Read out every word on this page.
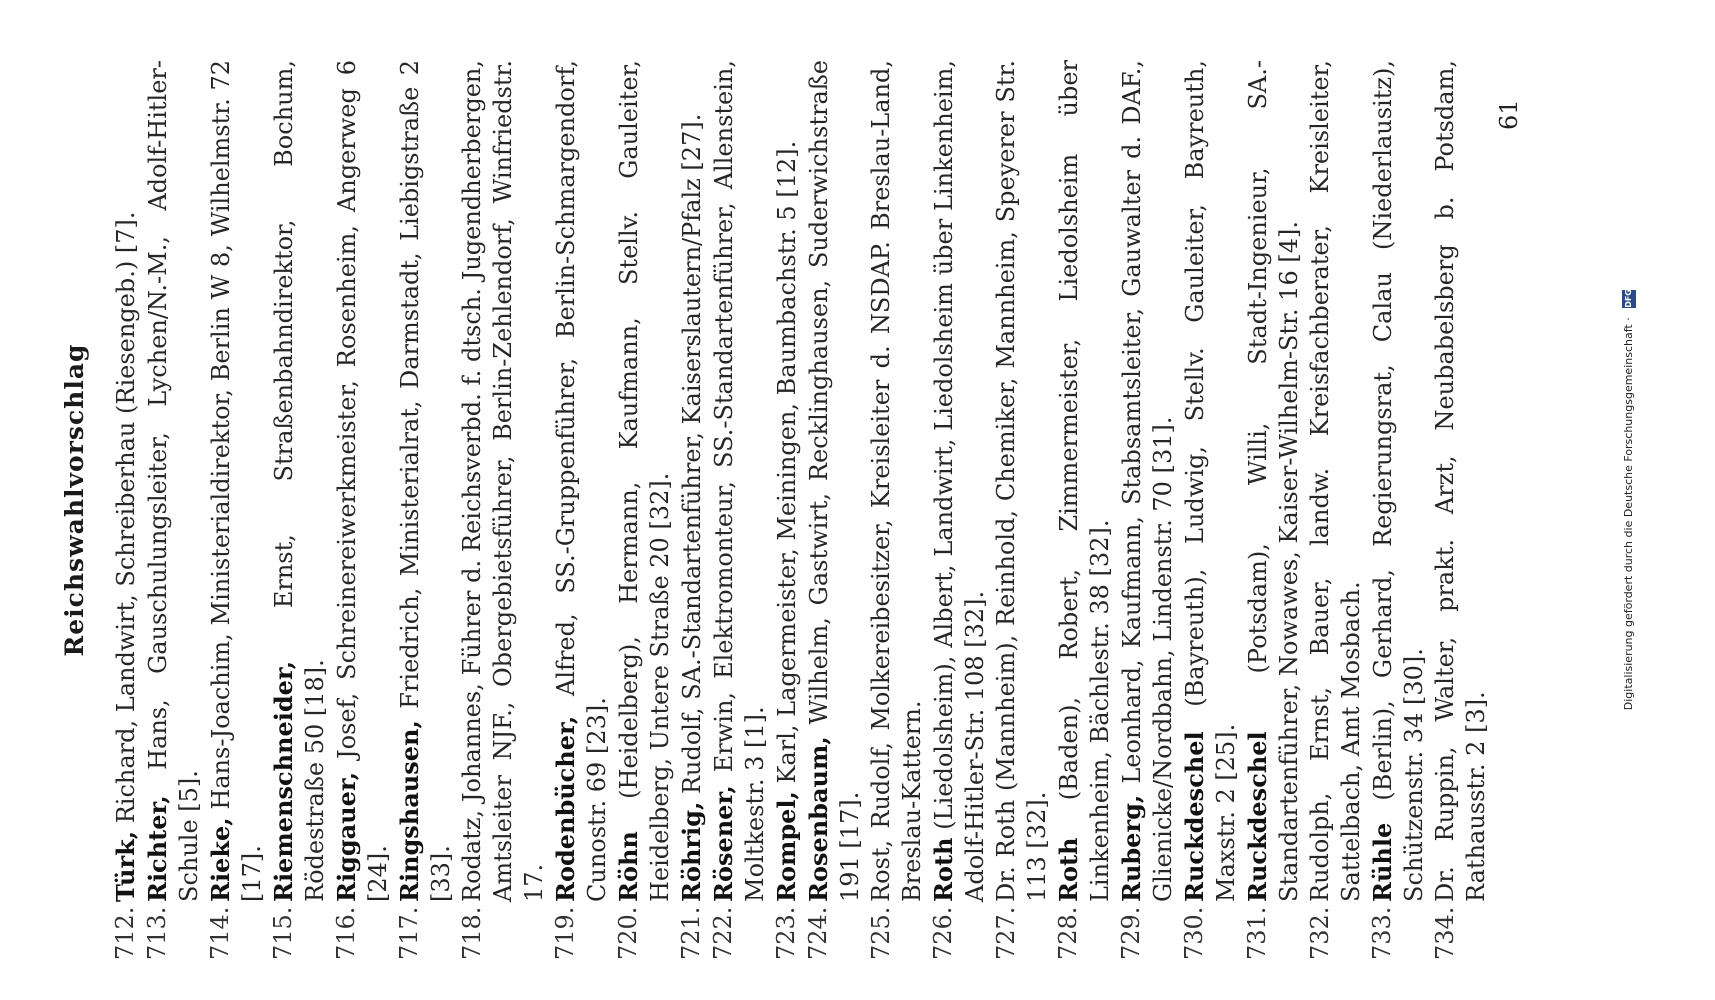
Reichswahlvorschlag
712.
Türk, Richard, Landwirt, Schreiberhau (Riesengeb.) [7].
713.
Richter, Hans, Gauschulungsleiter, Lychen/N.-M., Adolf-Hitler-Schule [5].
714.
Rieke, Hans-Joachim, Ministerialdirektor, Berlin W 8, Wilhelmstr. 72 [17].
715.
Riemenschneider, Ernst, Straßenbahndirektor, Bochum, Rödestraße 50 [18].
716.
Riggauer, Josef, Schreinereiwerkmeister, Rosenheim, Angerweg 6 [24].
717.
Ringshausen, Friedrich, Ministerialrat, Darmstadt, Liebigstraße 2 [33].
718.
Rodatz, Johannes, Führer d. Reichsverbd. f. dtsch. Jugendherbergen, Amtsleiter NJF., Obergebietsführer, Berlin-Zehlendorf, Winfriedstr. 17.
719.
Rodenbücher, Alfred, SS.-Gruppenführer, Berlin-Schmargendorf, Cunostr. 69 [23].
720.
Röhn (Heidelberg), Hermann, Kaufmann, Stellv. Gauleiter, Heidelberg, Untere Straße 20 [32].
721.
Röhrig, Rudolf, SA.-Standartenführer, Kaiserslautern/Pfalz [27].
722.
Rösener, Erwin, Elektromonteur, SS.-Standartenführer, Allenstein, Moltkestr. 3 [1].
723.
Rompel, Karl, Lagermeister, Meiningen, Baumbachstr. 5 [12].
724.
Rosenbaum, Wilhelm, Gastwirt, Recklinghausen, Suderwichstraße 191 [17].
725.
Rost, Rudolf, Molkereibesitzer, Kreisleiter d. NSDAP. Breslau-Land, Breslau-Kattern.
726.
Roth (Liedolsheim), Albert, Landwirt, Liedolsheim über Linkenheim, Adolf-Hitler-Str. 108 [32].
727.
Dr. Roth (Mannheim), Reinhold, Chemiker, Mannheim, Speyerer Str. 113 [32].
728.
Roth (Baden), Robert, Zimmermeister, Liedolsheim über Linkenheim, Bächlestr. 38 [32].
729.
Ruberg, Leonhard, Kaufmann, Stabsamtsleiter, Gauwalter d. DAF., Glienicke/Nordbahn, Lindenstr. 70 [31].
730.
Ruckdeschel (Bayreuth), Ludwig, Stellv. Gauleiter, Bayreuth, Maxstr. 2 [25].
731.
Ruckdeschel (Potsdam), Willi, Stadt-Ingenieur, SA.-Standartenführer, Nowawes, Kaiser-Wilhelm-Str. 16 [4].
732.
Rudolph, Ernst, Bauer, landw. Kreisfachberater, Kreisleiter, Sattelbach, Amt Mosbach.
733.
Rühle (Berlin), Gerhard, Regierungsrat, Calau (Niederlausitz), Schützenstr. 34 [30].
734.
Dr. Ruppin, Walter, prakt. Arzt, Neubabelsberg b. Potsdam, Rathausstr. 2 [3].
61
Digitalisierung gefördert durch die Deutsche Forschungsgemeinschaft · DFG
